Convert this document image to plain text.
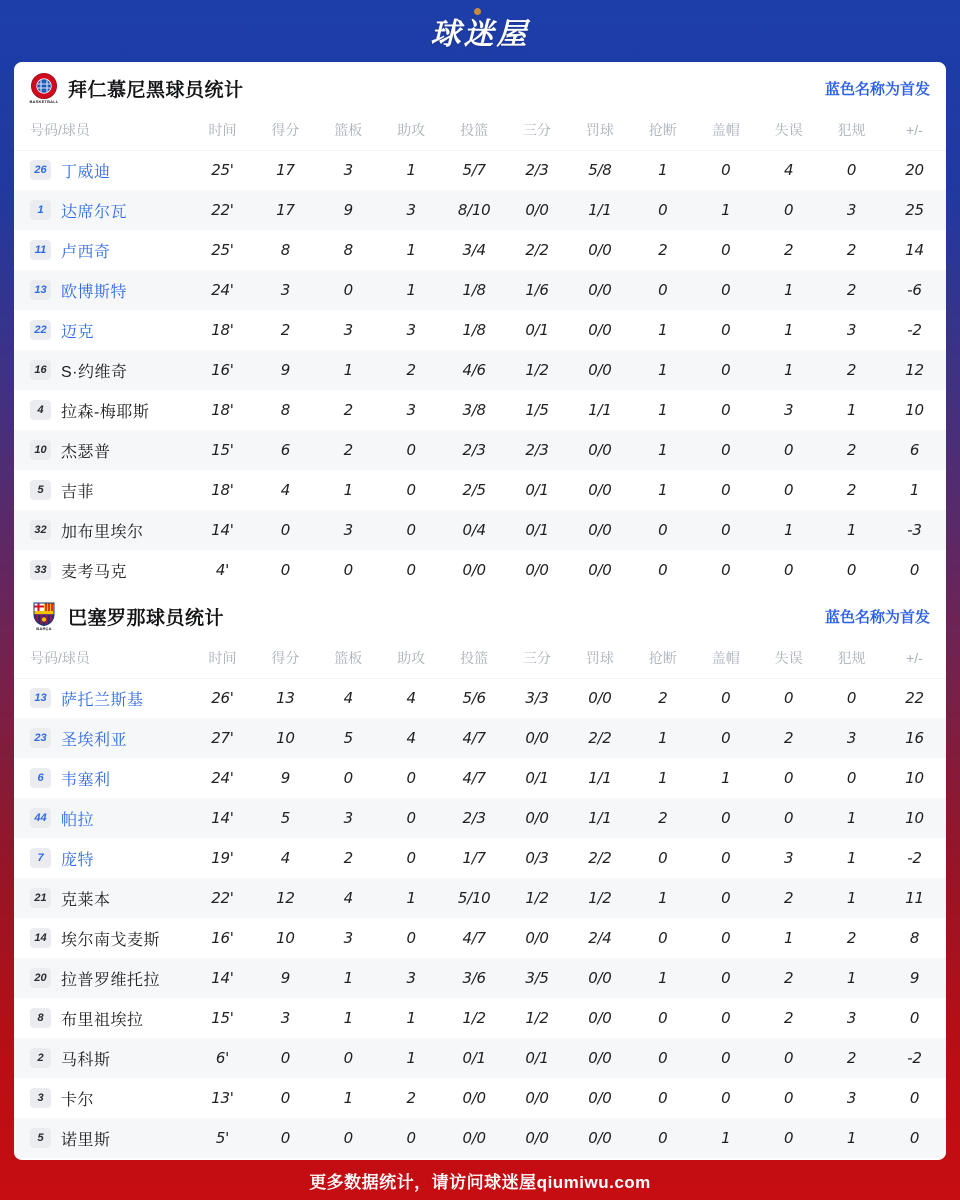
球迷屋
BASKETBALL
拜仁慕尼黑球员统计	蓝色名称为首发
号码/球员	时间	得分	篮板	助攻	投篮	三分	罚球	抢断	盖帽	失误	犯规	+/-
26 丁威迪	25'	17	3	1	5/7	2/3	5/8	1	0	4	0	20
1 达席尔瓦	22'	17	9	3	8/10	0/0	1/1	0	1	0	3	25
11 卢西奇	25'	8	8	1	3/4	2/2	0/0	2	0	2	2	14
13 欧博斯特	24'	3	0	1	1/8	1/6	0/0	0	0	1	2	-6
22 迈克	18'	2	3	3	1/8	0/1	0/0	1	0	1	3	-2
16 S·约维奇	16'	9	1	2	4/6	1/2	0/0	1	0	1	2	12
4 拉森-梅耶斯	18'	8	2	3	3/8	1/5	1/1	1	0	3	1	10
10 杰瑟普	15'	6	2	0	2/3	2/3	0/0	1	0	0	2	6
5 吉菲	18'	4	1	0	2/5	0/1	0/0	1	0	0	2	1
32 加布里埃尔	14'	0	3	0	0/4	0/1	0/0	0	0	1	1	-3
33 麦考马克	4'	0	0	0	0/0	0/0	0/0	0	0	0	0	0
BARÇA 巴塞罗那球员统计	蓝色名称为首发
号码/球员	时间	得分	篮板	助攻	投篮	三分	罚球	抢断	盖帽	失误	犯规	+/-
13 萨托兰斯基	26'	13	4	4	5/6	3/3	0/0	2	0	0	0	22
23 圣埃利亚	27'	10	5	4	4/7	0/0	2/2	1	0	2	3	16
6 韦塞利	24'	9	0	0	4/7	0/1	1/1	1	1	0	0	10
44 帕拉	14'	5	3	0	2/3	0/0	1/1	2	0	0	1	10
7 庞特	19'	4	2	0	1/7	0/3	2/2	0	0	3	1	-2
21 克莱本	22'	12	4	1	5/10	1/2	1/2	1	0	2	1	11
14 埃尔南戈麦斯	16'	10	3	0	4/7	0/0	2/4	0	0	1	2	8
20 拉普罗维托拉	14'	9	1	3	3/6	3/5	0/0	1	0	2	1	9
8 布里祖埃拉	15'	3	1	1	1/2	1/2	0/0	0	0	2	3	0
2 马科斯	6'	0	0	1	0/1	0/1	0/0	0	0	0	2	-2
3 卡尔	13'	0	1	2	0/0	0/0	0/0	0	0	0	3	0
5 诺里斯	5'	0	0	0	0/0	0/0	0/0	0	1	0	1	0
更多数据统计，请访问球迷屋qiumiwu.com
